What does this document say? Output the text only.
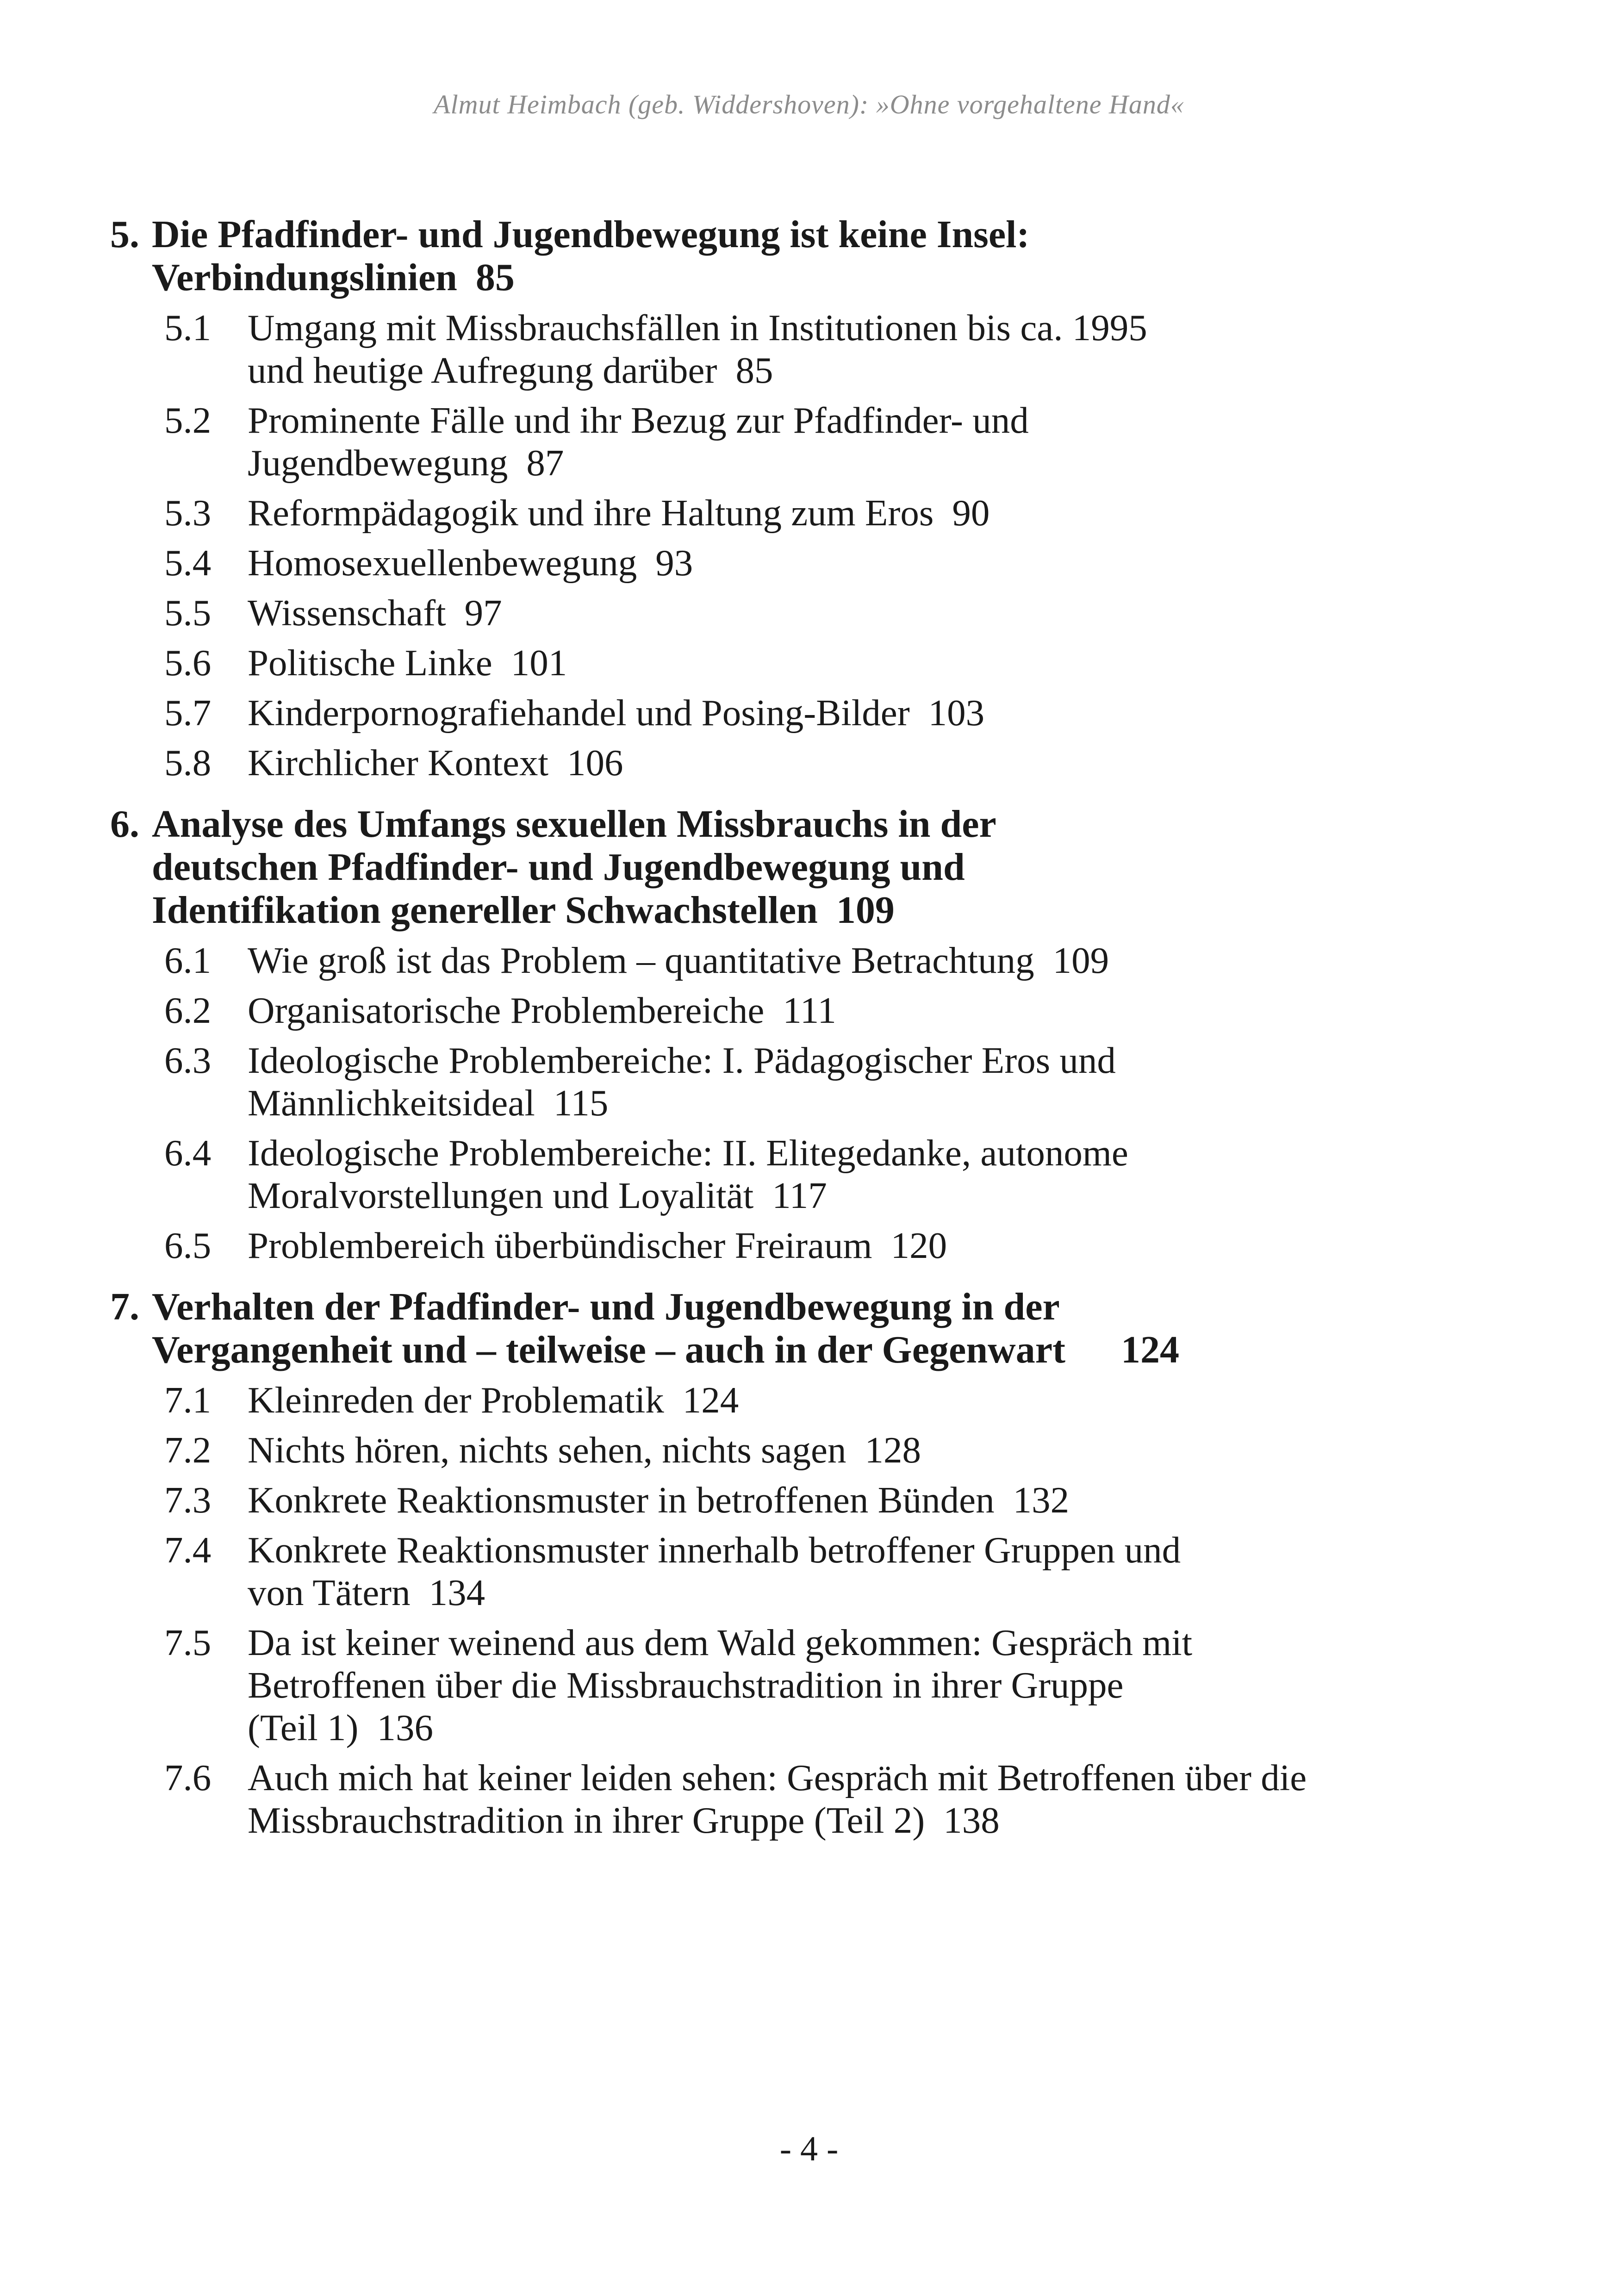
Almut Heimbach (geb. Widdershoven): »Ohne vorgehaltene Hand«
5. Die Pfadfinder- und Jugendbewegung ist keine Insel:
Verbindungslinien 85
5.1 Umgang mit Missbrauchsfällen in Institutionen bis ca. 1995
und heutige Aufregung darüber 85
5.2 Prominente Fälle und ihr Bezug zur Pfadfinder- und
Jugendbewegung 87
5.3 Reformpädagogik und ihre Haltung zum Eros 90
5.4 Homosexuellenbewegung 93
5.5 Wissenschaft 97
5.6 Politische Linke 101
5.7 Kinderpornografiehandel und Posing-Bilder 103
5.8 Kirchlicher Kontext 106
6. Analyse des Umfangs sexuellen Missbrauchs in der
deutschen Pfadfinder- und Jugendbewegung und
Identifikation genereller Schwachstellen 109
6.1 Wie groß ist das Problem – quantitative Betrachtung 109
6.2 Organisatorische Problembereiche 111
6.3 Ideologische Problembereiche: I. Pädagogischer Eros und
Männlichkeitsideal 115
6.4 Ideologische Problembereiche: II. Elitegedanke, autonome
Moralvorstellungen und Loyalität 117
6.5 Problembereich überbündischer Freiraum 120
7. Verhalten der Pfadfinder- und Jugendbewegung in der
Vergangenheit und – teilweise – auch in der Gegenwart 124
7.1 Kleinreden der Problematik 124
7.2 Nichts hören, nichts sehen, nichts sagen 128
7.3 Konkrete Reaktionsmuster in betroffenen Bünden 132
7.4 Konkrete Reaktionsmuster innerhalb betroffener Gruppen und
von Tätern 134
7.5 Da ist keiner weinend aus dem Wald gekommen: Gespräch mit
Betroffenen über die Missbrauchstradition in ihrer Gruppe
(Teil 1) 136
7.6 Auch mich hat keiner leiden sehen: Gespräch mit Betroffenen über die
Missbrauchstradition in ihrer Gruppe (Teil 2) 138
- 4 -
